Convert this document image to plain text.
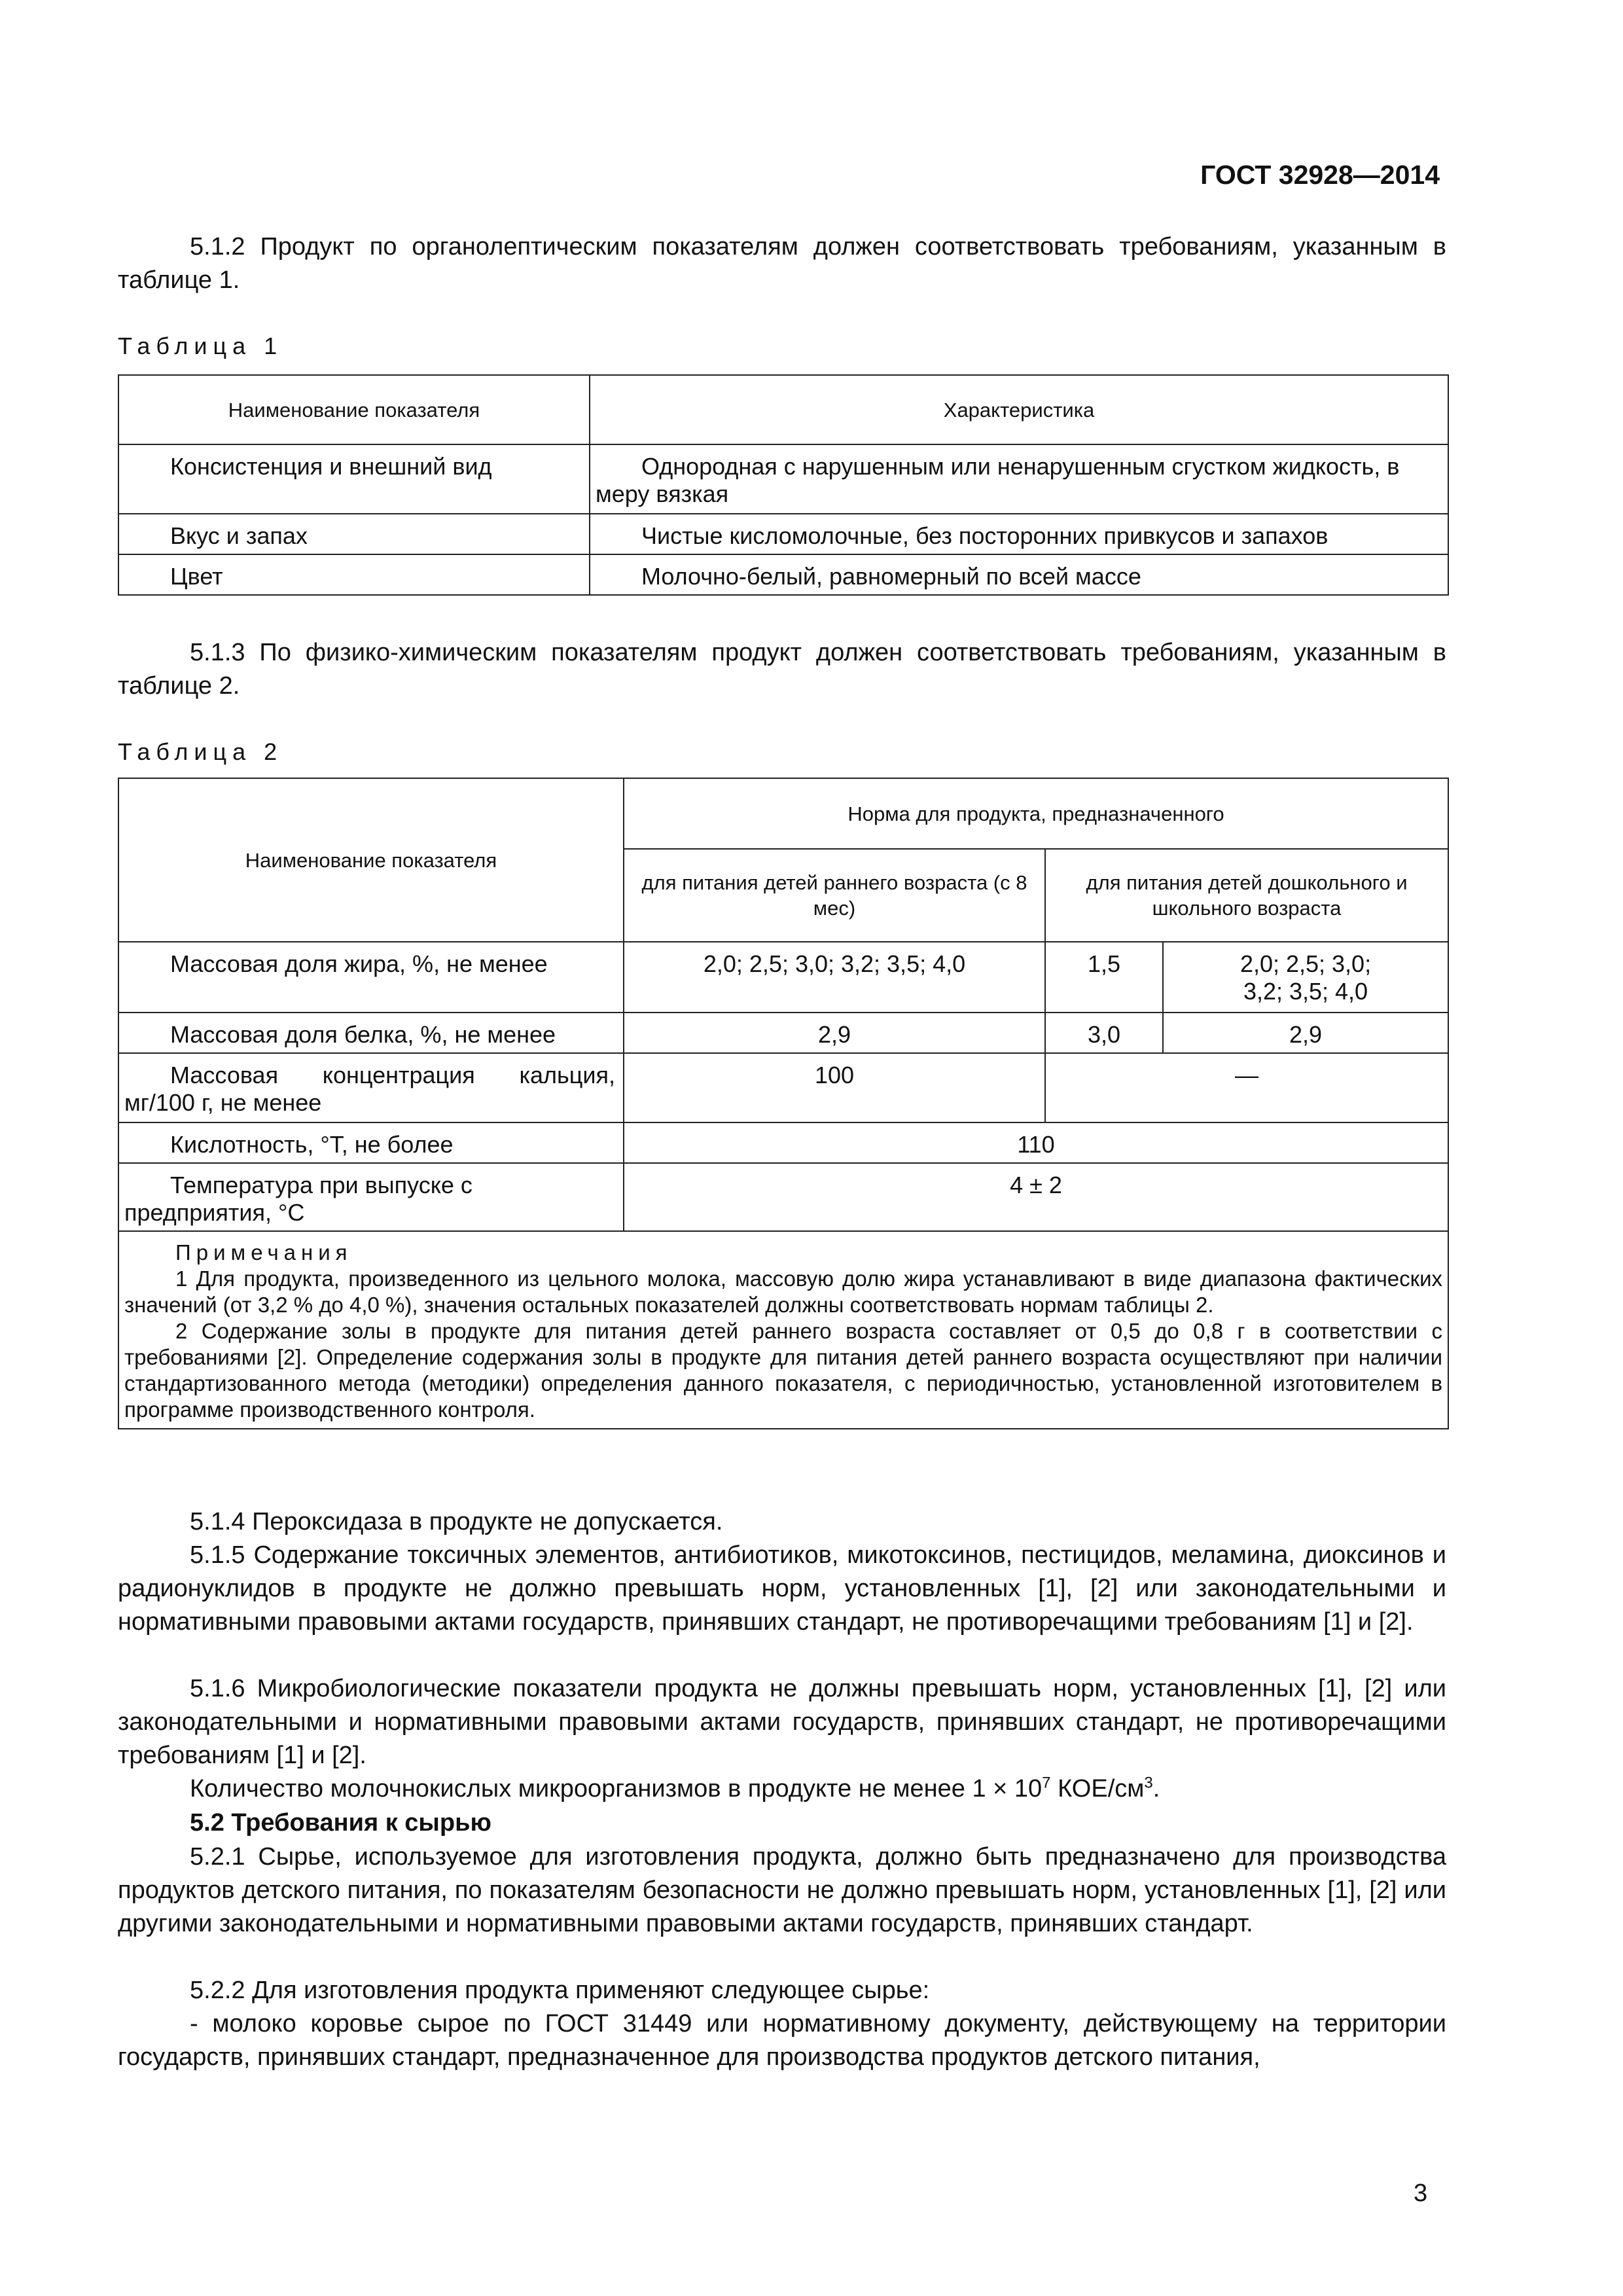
ГОСТ 32928—2014
5.1.2 Продукт по органолептическим показателям должен соответствовать требованиям, указанным в таблице 1.
Таблица 1
Наименование показателя	Характеристика
Консистенция и внешний вид	Однородная с нарушенным или ненарушенным сгустком жидкость, в меру вязкая

Вкус и запах	Чистые кисломолочные, без посторонних привкусов и запахов

Цвет	Молочно-белый, равномерный по всей массе
5.1.3 По физико-химическим показателям продукт должен соответствовать требованиям, указанным в таблице 2.
Таблица 2
Наименование показателя	Норма для продукта, предназначенного		
	для питания детей раннего возраста (с 8 мес)	для питания детей дошкольного и школьного возраста	
Массовая доля жира, %, не менее	2,0; 2,5; 3,0; 3,2; 3,5; 4,0	1,5	2,0; 2,5; 3,0; 3,2; 3,5; 4,0
Массовая доля белка, %, не менее	2,9	3,0	2,9

Массовая концентрация кальция, мг/100 г, не менее	100	—	
Кислотность, °Т, не более	110		

Температура при выпуске с предприятия, °С	4 ± 2		

Примечания
1 Для продукта, произведенного из цельного молока, массовую долю жира устанавливают в виде диапазона фактических значений (от 3,2 % до 4,0 %), значения остальных показателей должны соответствовать нормам таблицы 2.
2 Содержание золы в продукте для питания детей раннего возраста составляет от 0,5 до 0,8 г в соответствии с требованиями [2]. Определение содержания золы в продукте для питания детей раннего возраста осуществляют при наличии стандартизованного метода (методики) определения данного показателя, с периодичностью, установленной изготовителем в программе производственного контроля.			
5.1.4 Пероксидаза в продукте не допускается.
5.1.5 Содержание токсичных элементов, антибиотиков, микотоксинов, пестицидов, меламина, диоксинов и радионуклидов в продукте не должно превышать норм, установленных [1], [2] или законодательными и нормативными правовыми актами государств, принявших стандарт, не противоречащими требованиям [1] и [2].
5.1.6 Микробиологические показатели продукта не должны превышать норм, установленных [1], [2] или законодательными и нормативными правовыми актами государств, принявших стандарт, не противоречащими требованиям [1] и [2].
Количество молочнокислых микроорганизмов в продукте не менее $1 \times 10^7$ КОЕ/$см^3$.
5.2 Требования к сырью
5.2.1 Сырье, используемое для изготовления продукта, должно быть предназначено для производства продуктов детского питания, по показателям безопасности не должно превышать норм, установленных [1], [2] или другими законодательными и нормативными правовыми актами государств, принявших стандарт.
5.2.2 Для изготовления продукта применяют следующее сырье:
- молоко коровье сырое по ГОСТ 31449 или нормативному документу, действующему на территории государств, принявших стандарт, предназначенное для производства продуктов детского питания,
3
